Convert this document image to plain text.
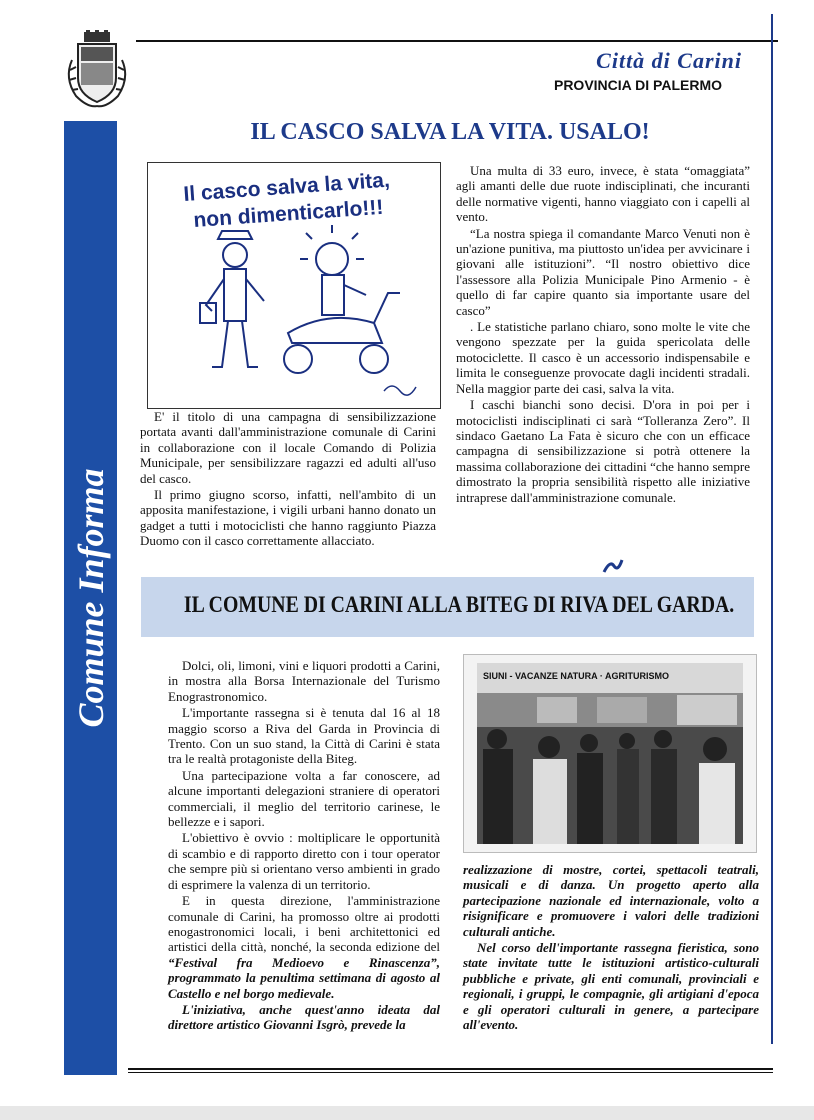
Città di Carini
PROVINCIA DI PALERMO
Comune Informa
IL CASCO SALVA LA VITA. USALO!
Il casco salva la vita,
non dimenticarlo!!!

E' il titolo di una campagna di sensibilizzazione portata avanti dall'amministrazione comunale di Carini in collaborazione con il locale Comando di Polizia Municipale, per sensibilizzare ragazzi ed adulti all'uso del casco.

Il primo giugno scorso, infatti, nell'ambito di un apposita manifestazione, i vigili urbani hanno donato un gadget a tutti i motociclisti che hanno raggiunto Piazza Duomo con il casco correttamente allacciato.

Una multa di 33 euro, invece, è stata “omaggiata” agli amanti delle due ruote indisciplinati, che incuranti delle normative vigenti, hanno viaggiato con i capelli al vento.

“La nostra spiega il comandante Marco Venuti non è un'azione punitiva, ma piuttosto un'idea per avvicinare i giovani alle istituzioni”. “Il nostro obiettivo dice l'assessore alla Polizia Municipale Pino Armenio - è quello di far capire quanto sia importante usare del casco”

. Le statistiche parlano chiaro, sono molte le vite che vengono spezzate per la guida spericolata delle motociclette. Il casco è un accessorio indispensabile e limita le conseguenze provocate dagli incidenti stradali. Nella maggior parte dei casi, salva la vita.

I caschi bianchi sono decisi. D'ora in poi per i motociclisti indisciplinati ci sarà “Tolleranza Zero”. Il sindaco Gaetano La Fata è sicuro che con un efficace campagna di sensibilizzazione si potrà ottenere la massima collaborazione dei cittadini “che hanno sempre dimostrato la propria sensibilità rispetto alle iniziative intraprese dall'amministrazione comunale.

IL COMUNE DI CARINI ALLA BITEG DI RIVA DEL GARDA.

Dolci, oli, limoni, vini e liquori prodotti a Carini, in mostra alla Borsa Internazionale del Turismo Enograstronomico.

L'importante rassegna si è tenuta dal 16 al 18 maggio scorso a Riva del Garda in Provincia di Trento. Con un suo stand, la Città di Carini è stata tra le realtà protagoniste della Biteg.

Una partecipazione volta a far conoscere, ad alcune importanti delegazioni straniere di operatori commerciali, il meglio del territorio carinese, le bellezze e i sapori.

L'obiettivo è ovvio : moltiplicare le opportunità di scambio e di rapporto diretto con i tour operator che sempre più si orientano verso ambienti in grado di esprimere la valenza di un territorio.

E in questa direzione, l'amministrazione comunale di Carini, ha promosso oltre ai prodotti enogastronomici locali, i beni architettonici ed artistici della città, nonché, la seconda edizione del “Festival fra Medioevo e Rinascenza”, programmato la penultima settimana di agosto al Castello e nel borgo medievale.

L'iniziativa, anche quest'anno ideata dal direttore artistico Giovanni Isgrò, prevede la

SIUNI - VACANZE NATURA · AGRITURISMO

realizzazione di mostre, cortei, spettacoli teatrali, musicali e di danza. Un progetto aperto alla partecipazione nazionale ed internazionale, volto a risignificare e promuovere i valori delle tradizioni culturali antiche.

Nel corso dell'importante rassegna fieristica, sono state invitate tutte le istituzioni artistico-culturali pubbliche e private, gli enti comunali, provinciali e regionali, i gruppi, le compagnie, gli artigiani d'epoca e gli operatori culturali in genere, a partecipare all'evento.
